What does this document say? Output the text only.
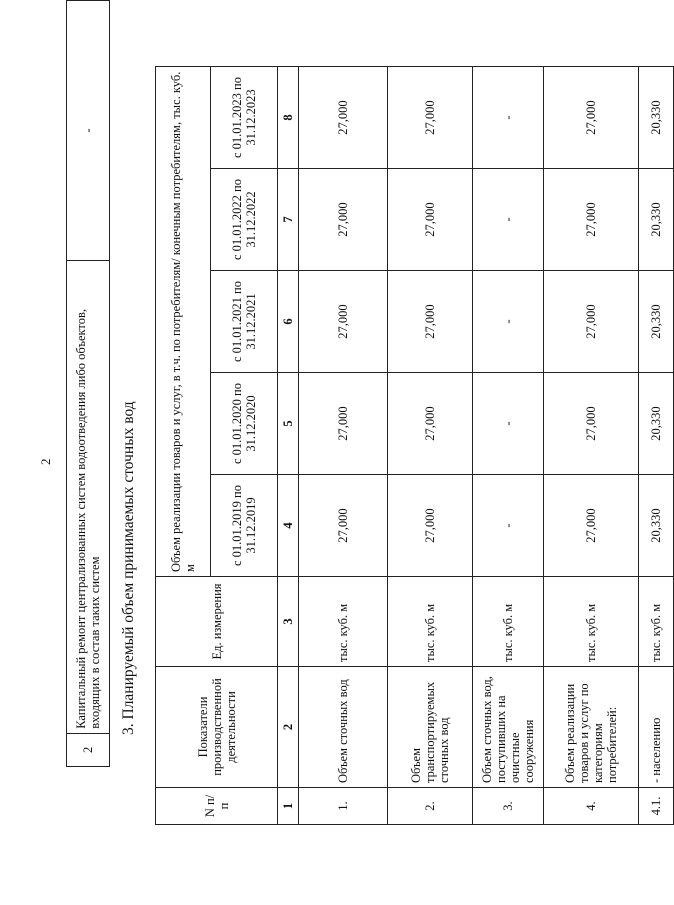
2
2	Капитальный ремонт централизованных систем водоотведения либо объектов, входящих в состав таких систем	-
3. Планируемый объем принимаемых сточных вод
N п/п	Показатели производственной деятельности	Ед. измерения	Объем реализации товаров и услуг, в т.ч. по потребителям/ конечным потребителям, тыс. куб. м				
			с 01.01.2019 по 31.12.2019	с 01.01.2020 по 31.12.2020	с 01.01.2021 по 31.12.2021	с 01.01.2022 по 31.12.2022	с 01.01.2023 по 31.12.2023
1	2	3	4	5	6	7	8
1.	Объем сточных вод	тыс. куб. м	27,000	27,000	27,000	27,000	27,000
2.	Объем транспортируемых сточных вод	тыс. куб. м	27,000	27,000	27,000	27,000	27,000
3.	Объем сточных вод, поступивших на очистные сооружения	тыс. куб. м	-	-	-	-	-
4.	Объем реализации товаров и услуг по категориям потребителей:	тыс. куб. м	27,000	27,000	27,000	27,000	27,000
4.1.	- населению	тыс. куб. м	20,330	20,330	20,330	20,330	20,330
